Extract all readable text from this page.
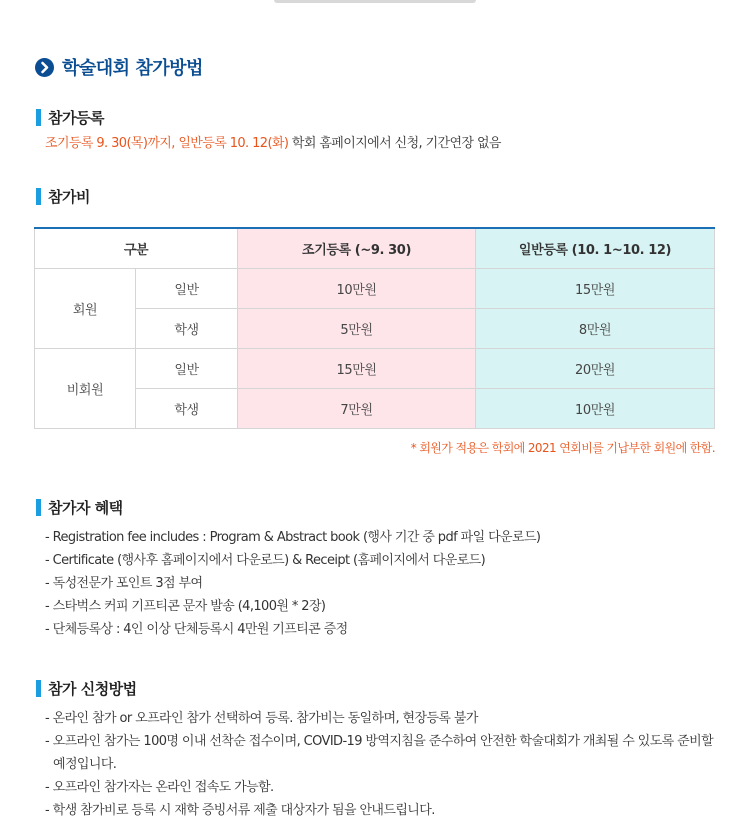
학술대회 참가방법
참가등록
조기등록 9. 30(목)까지, 일반등록 10. 12(화) 학회 홈페이지에서 신청, 기간연장 없음
참가비
구분		조기등록 (~9. 30)	일반등록 (10. 1~10. 12)
회원	일반	10만원	15만원
	학생	5만원	8만원
비회원	일반	15만원	20만원
	학생	7만원	10만원
* 회원가 적용은 학회에 2021 연회비를 기납부한 회원에 한함.
참가자 혜택
- Registration fee includes : Program & Abstract book (행사 기간 중 pdf 파일 다운로드)
- Certificate (행사후 홈페이지에서 다운로드) & Receipt (홈페이지에서 다운로드)
- 독성전문가 포인트 3점 부여
- 스타벅스 커피 기프티콘 문자 발송 (4,100원 * 2장)
- 단체등록상 : 4인 이상 단체등록시 4만원 기프티콘 증정
참가 신청방법
- 온라인 참가 or 오프라인 참가 선택하여 등록. 참가비는 동일하며, 현장등록 불가
- 오프라인 참가는 100명 이내 선착순 접수이며, COVID-19 방역지침을 준수하여 안전한 학술대회가 개최될 수 있도록 준비할
예정입니다.
- 오프라인 참가자는 온라인 접속도 가능함.
- 학생 참가비로 등록 시 재학 증빙서류 제출 대상자가 됨을 안내드립니다.
